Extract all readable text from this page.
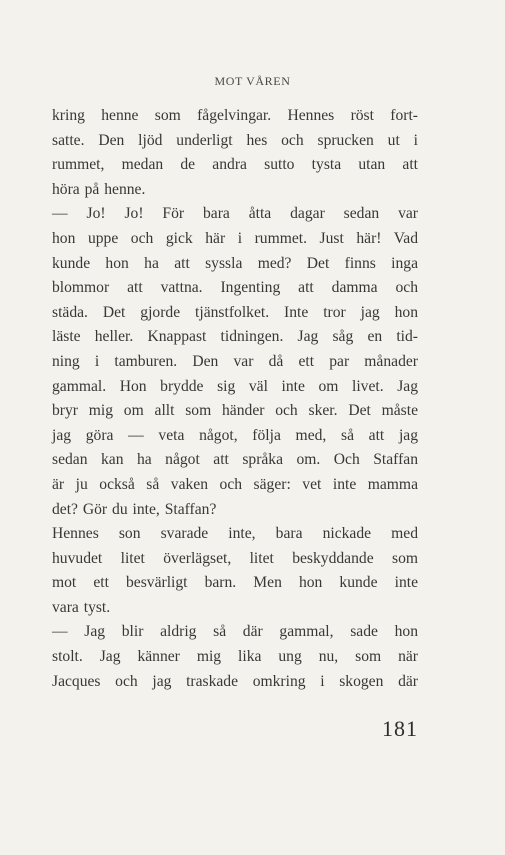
MOT VÅREN
kring henne som fågelvingar. Hennes röst fort-
satte. Den ljöd underligt hes och sprucken ut i
rummet, medan de andra sutto tysta utan att
höra på henne.
— Jo! Jo! För bara åtta dagar sedan var
hon uppe och gick här i rummet. Just här! Vad
kunde hon ha att syssla med? Det finns inga
blommor att vattna. Ingenting att damma och
städa. Det gjorde tjänstfolket. Inte tror jag hon
läste heller. Knappast tidningen. Jag såg en tid-
ning i tamburen. Den var då ett par månader
gammal. Hon brydde sig väl inte om livet. Jag
bryr mig om allt som händer och sker. Det måste
jag göra — veta något, följa med, så att jag
sedan kan ha något att språka om. Och Staffan
är ju också så vaken och säger: vet inte mamma
det? Gör du inte, Staffan?
Hennes son svarade inte, bara nickade med
huvudet litet överlägset, litet beskyddande som
mot ett besvärligt barn. Men hon kunde inte
vara tyst.
— Jag blir aldrig så där gammal, sade hon
stolt. Jag känner mig lika ung nu, som när
Jacques och jag traskade omkring i skogen där
181
